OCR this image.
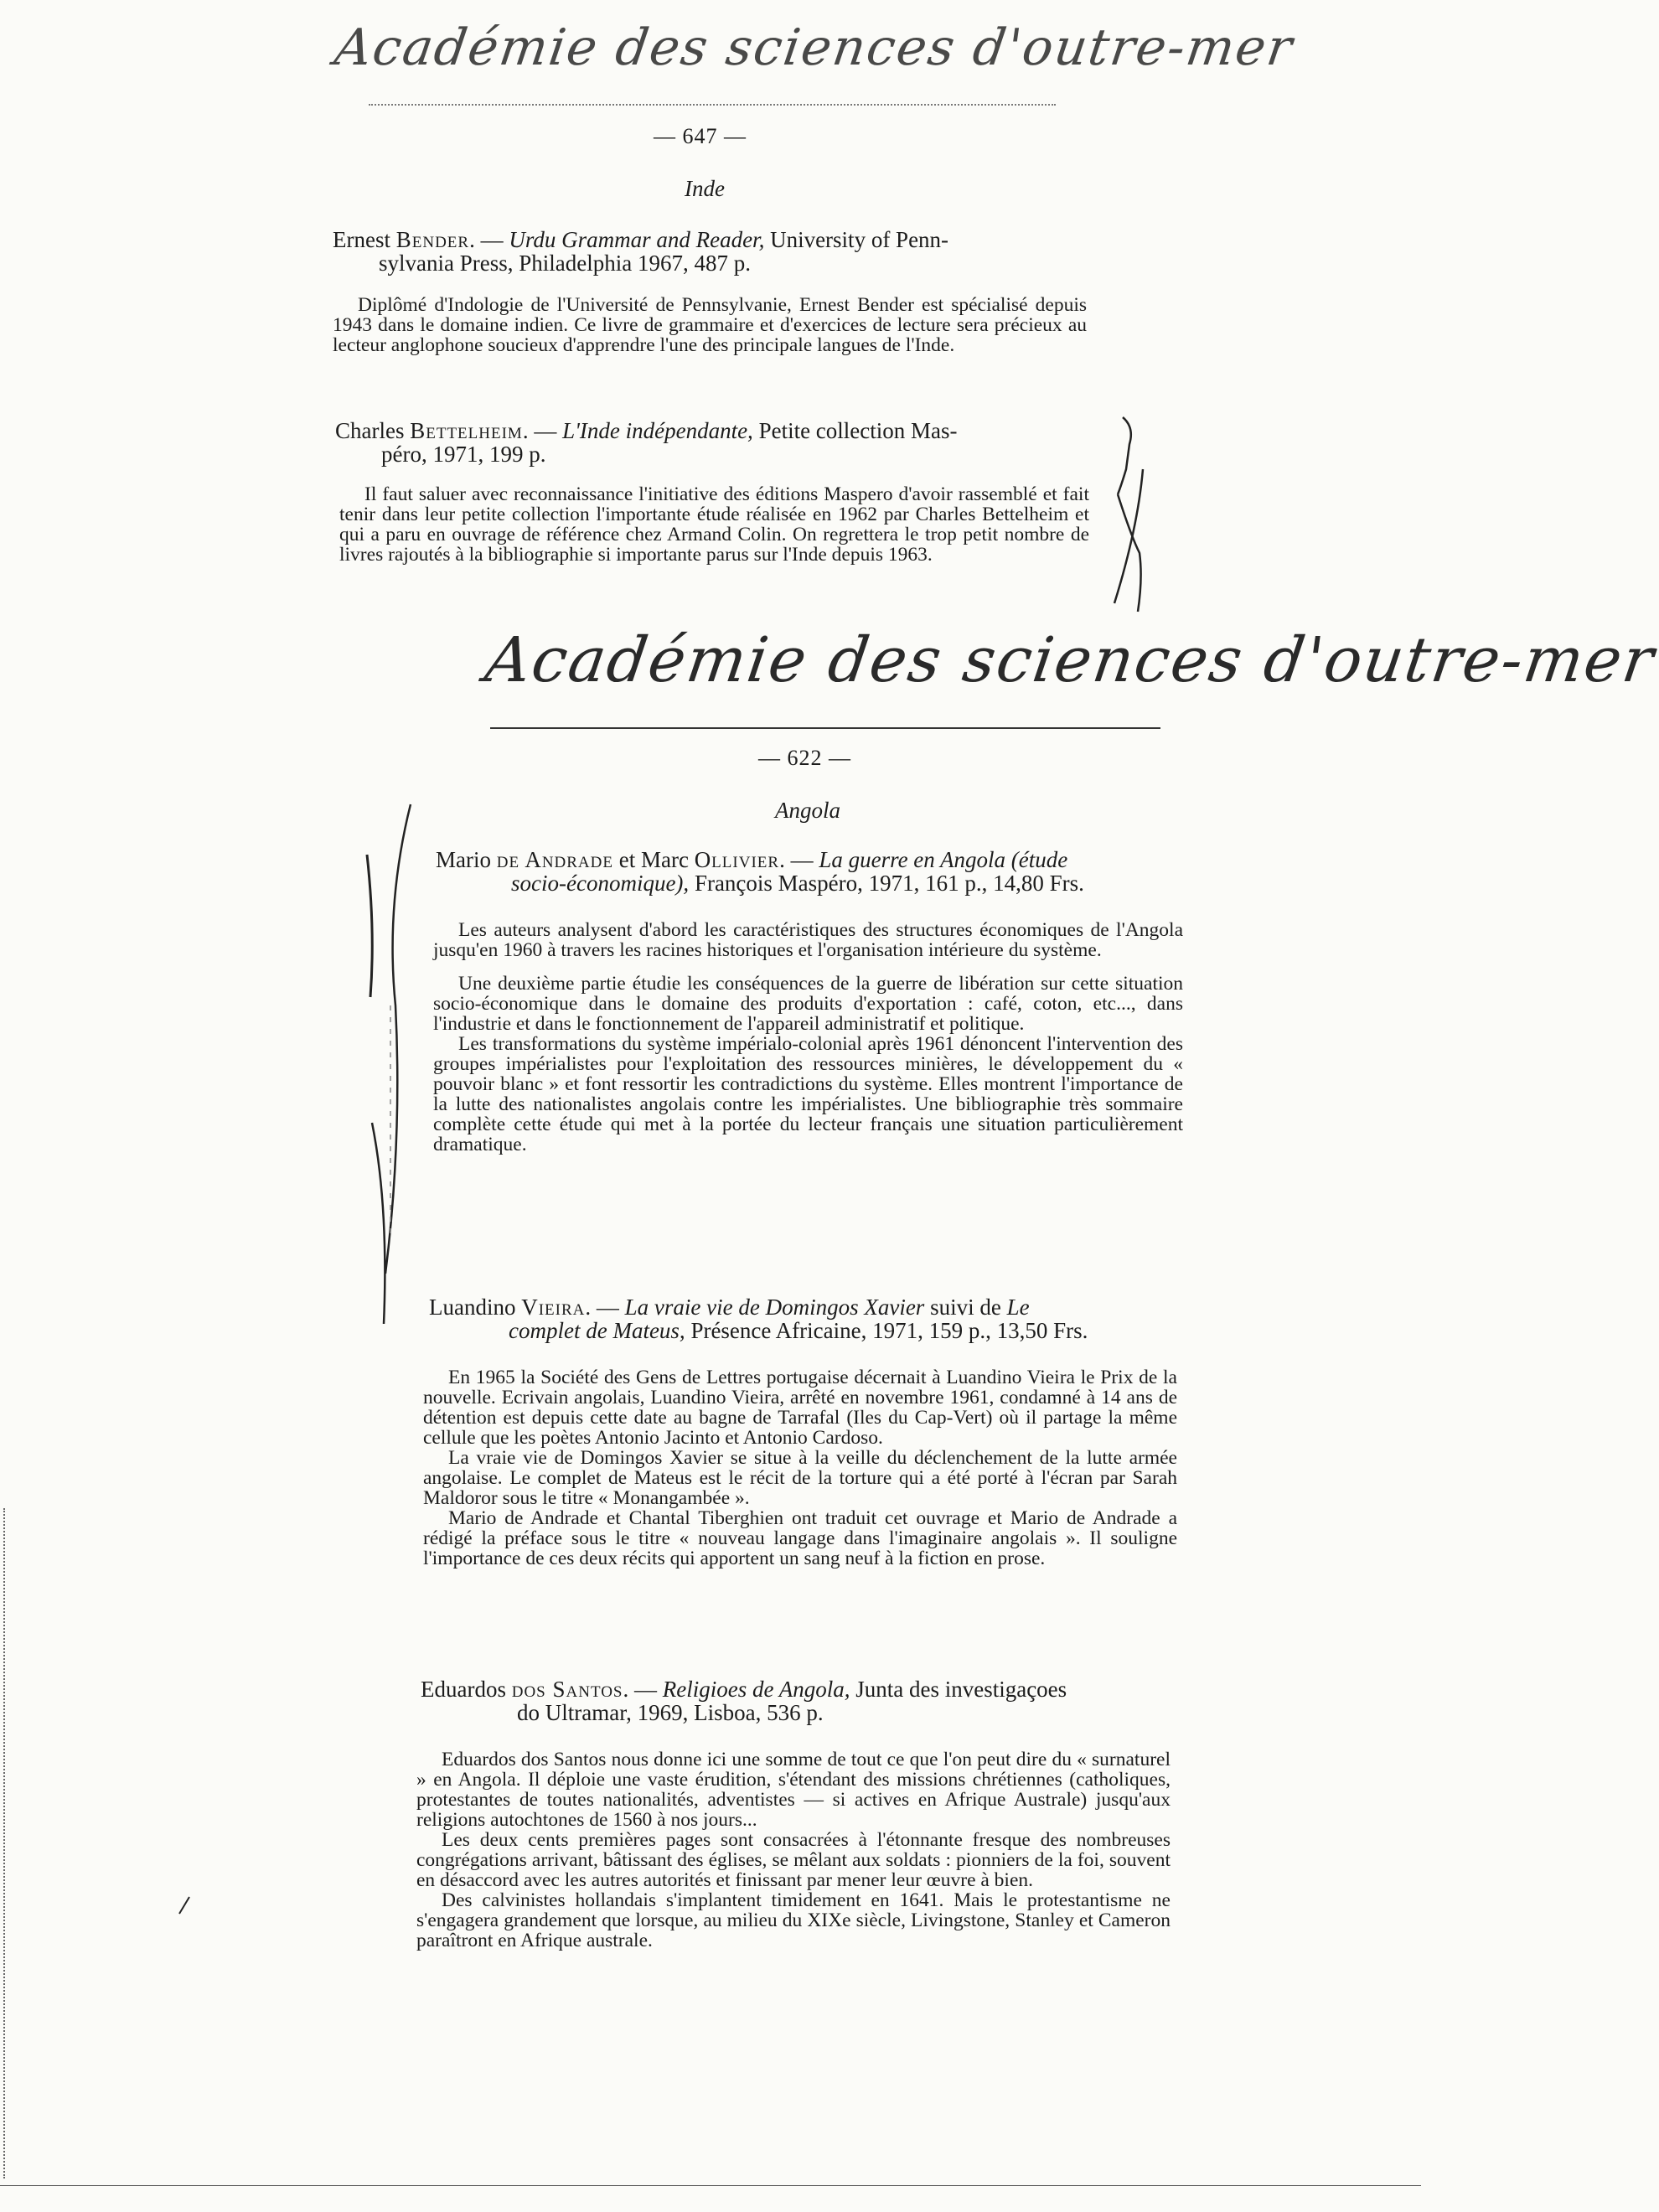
Académie des sciences d'outre-mer
Académie des sciences d'outre-mer
— 647 —
Inde
Ernest Bender. — Urdu Grammar and Reader, University of Penn-
sylvania Press, Philadelphia 1967, 487 p.

Diplômé d'Indologie de l'Université de Pennsylvanie, Ernest Bender est spécialisé depuis 1943 dans le domaine indien. Ce livre de grammaire et d'exercices de lecture sera précieux au lecteur anglophone soucieux d'apprendre l'une des principale langues de l'Inde.

Charles Bettelheim. — L'Inde indépendante, Petite collection Mas-
péro, 1971, 199 p.

Il faut saluer avec reconnaissance l'initiative des éditions Maspero d'avoir rassemblé et fait tenir dans leur petite collection l'importante étude réalisée en 1962 par Charles Bettelheim et qui a paru en ouvrage de référence chez Armand Colin. On regrettera le trop petit nombre de livres rajoutés à la bibliographie si importante parus sur l'Inde depuis 1963.

— 622 —
Angola
Mario de Andrade et Marc Ollivier. — La guerre en Angola (étude
socio-économique), François Maspéro, 1971, 161 p., 14,80 Frs.

Les auteurs analysent d'abord les caractéristiques des structures économiques de l'Angola jusqu'en 1960 à travers les racines historiques et l'organisation intérieure du système.

Une deuxième partie étudie les conséquences de la guerre de libération sur cette situation socio-économique dans le domaine des produits d'exportation : café, coton, etc..., dans l'industrie et dans le fonctionnement de l'appareil administratif et politique.

Les transformations du système impérialo-colonial après 1961 dénoncent l'intervention des groupes impérialistes pour l'exploitation des ressources minières, le développement du « pouvoir blanc » et font ressortir les contradictions du système. Elles montrent l'importance de la lutte des nationalistes angolais contre les impérialistes. Une bibliographie très sommaire complète cette étude qui met à la portée du lecteur français une situation particulièrement dramatique.

Luandino Vieira. — La vraie vie de Domingos Xavier suivi de Le
complet de Mateus, Présence Africaine, 1971, 159 p., 13,50 Frs.

En 1965 la Société des Gens de Lettres portugaise décernait à Luandino Vieira le Prix de la nouvelle. Ecrivain angolais, Luandino Vieira, arrêté en novembre 1961, condamné à 14 ans de détention est depuis cette date au bagne de Tarrafal (Iles du Cap-Vert) où il partage la même cellule que les poètes Antonio Jacinto et Antonio Cardoso.

La vraie vie de Domingos Xavier se situe à la veille du déclenchement de la lutte armée angolaise. Le complet de Mateus est le récit de la torture qui a été porté à l'écran par Sarah Maldoror sous le titre « Monangambée ».

Mario de Andrade et Chantal Tiberghien ont traduit cet ouvrage et Mario de Andrade a rédigé la préface sous le titre « nouveau langage dans l'imaginaire angolais ». Il souligne l'importance de ces deux récits qui apportent un sang neuf à la fiction en prose.

Eduardos dos Santos. — Religioes de Angola, Junta des investigaçoes
do Ultramar, 1969, Lisboa, 536 p.

Eduardos dos Santos nous donne ici une somme de tout ce que l'on peut dire du « surnaturel » en Angola. Il déploie une vaste érudition, s'étendant des missions chrétiennes (catholiques, protestantes de toutes nationalités, adventistes — si actives en Afrique Australe) jusqu'aux religions autochtones de 1560 à nos jours...

Les deux cents premières pages sont consacrées à l'étonnante fresque des nombreuses congrégations arrivant, bâtissant des églises, se mêlant aux soldats : pionniers de la foi, souvent en désaccord avec les autres autorités et finissant par mener leur œuvre à bien.

Des calvinistes hollandais s'implantent timidement en 1641. Mais le protestantisme ne s'engagera grandement que lorsque, au milieu du XIXe siècle, Livingstone, Stanley et Cameron paraîtront en Afrique australe.
